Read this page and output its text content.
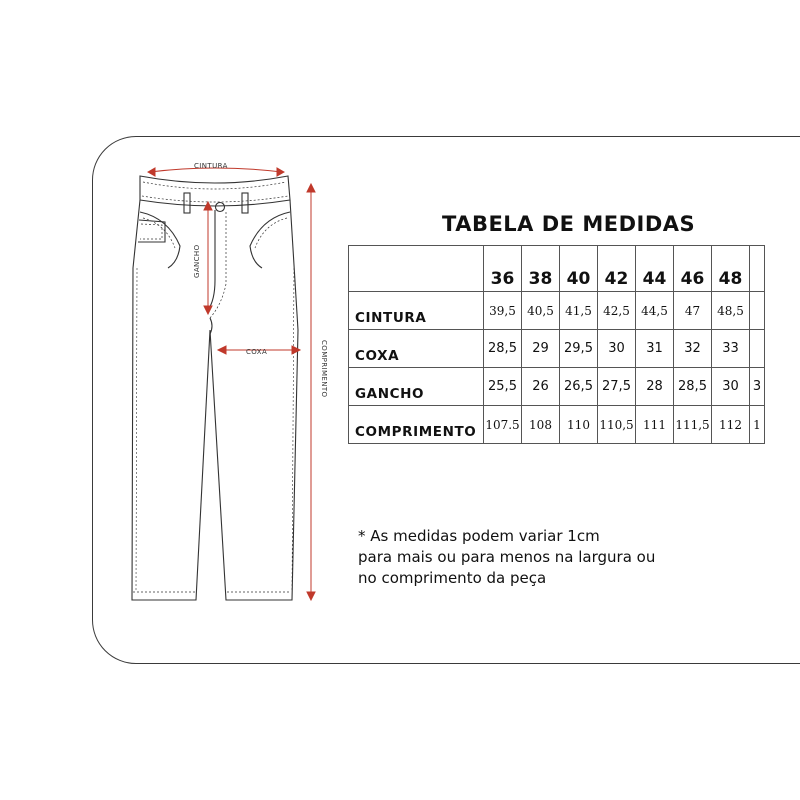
CINTURA
GANCHO
COXA	COMPRIMENTO
TABELA DE MEDIDAS
	36	38	40	42	44	46	48	
CINTURA	39,5	40,5	41,5	42,5	44,5	47	48,5	
COXA	28,5	29	29,5	30	31	32	33	
GANCHO	25,5	26	26,5	27,5	28	28,5	30	3
COMPRIMENTO	107.5	108	110	110,5	111	111,5	112	1
* As medidas podem variar 1cm
para mais ou para menos na largura ou
no comprimento da peça
